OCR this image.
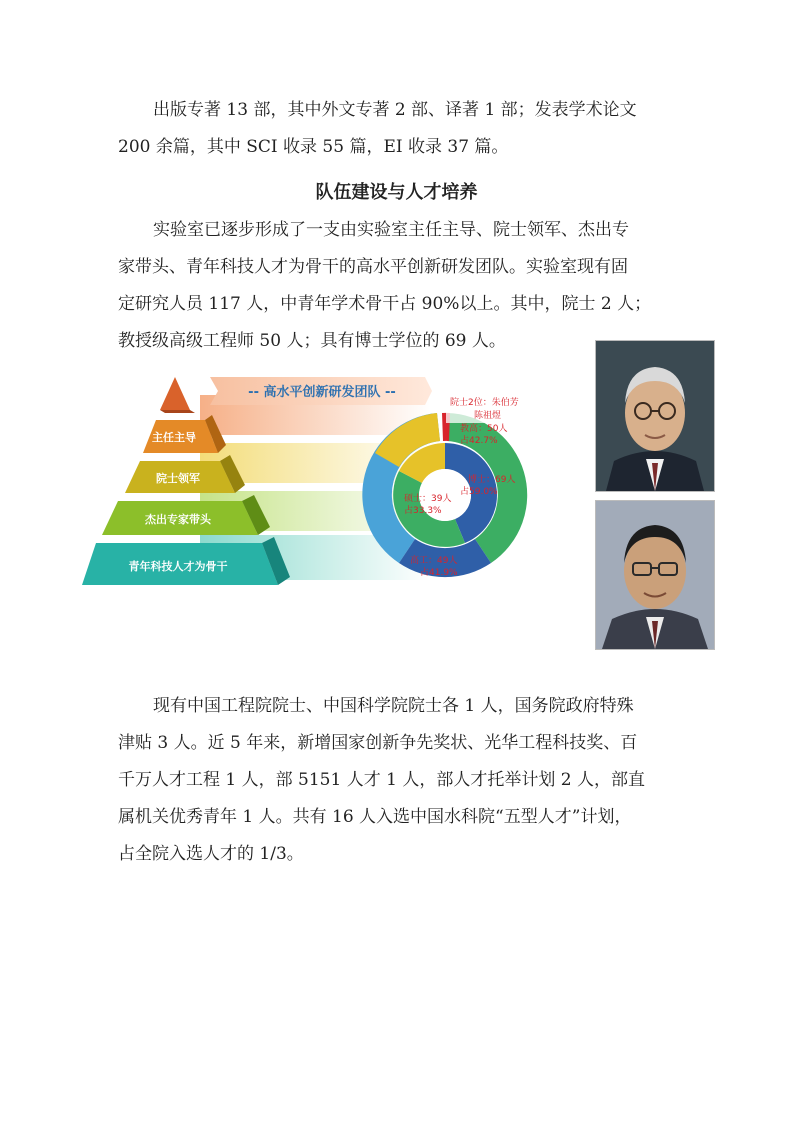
出版专著 13 部，其中外文专著 2 部、译著 1 部；发表学术论文
200 余篇，其中 SCI 收录 55 篇，EI 收录 37 篇。
队伍建设与人才培养
实验室已逐步形成了一支由实验室主任主导、院士领军、杰出专
家带头、青年科技人才为骨干的高水平创新研发团队。实验室现有固
定研究人员 117 人，中青年学术骨干占 90%以上。其中，院士 2 人；
教授级高级工程师 50 人；具有博士学位的 69 人。
-- 高水平创新研发团队 --
主任主导
院士领军
杰出专家带头
青年科技人才为骨干
院士2位：朱伯芳
陈祖煜
教高：50人
占42.7%
博士：69人
占59.0%
硕士：39人
占33.3%
高工：49人
占41.9%
现有中国工程院院士、中国科学院院士各 1 人，国务院政府特殊
津贴 3 人。近 5 年来，新增国家创新争先奖状、光华工程科技奖、百
千万人才工程 1 人，部 5151 人才 1 人，部人才托举计划 2 人，部直
属机关优秀青年 1 人。共有 16 人入选中国水科院“五型人才”计划，
占全院入选人才的 1/3。
